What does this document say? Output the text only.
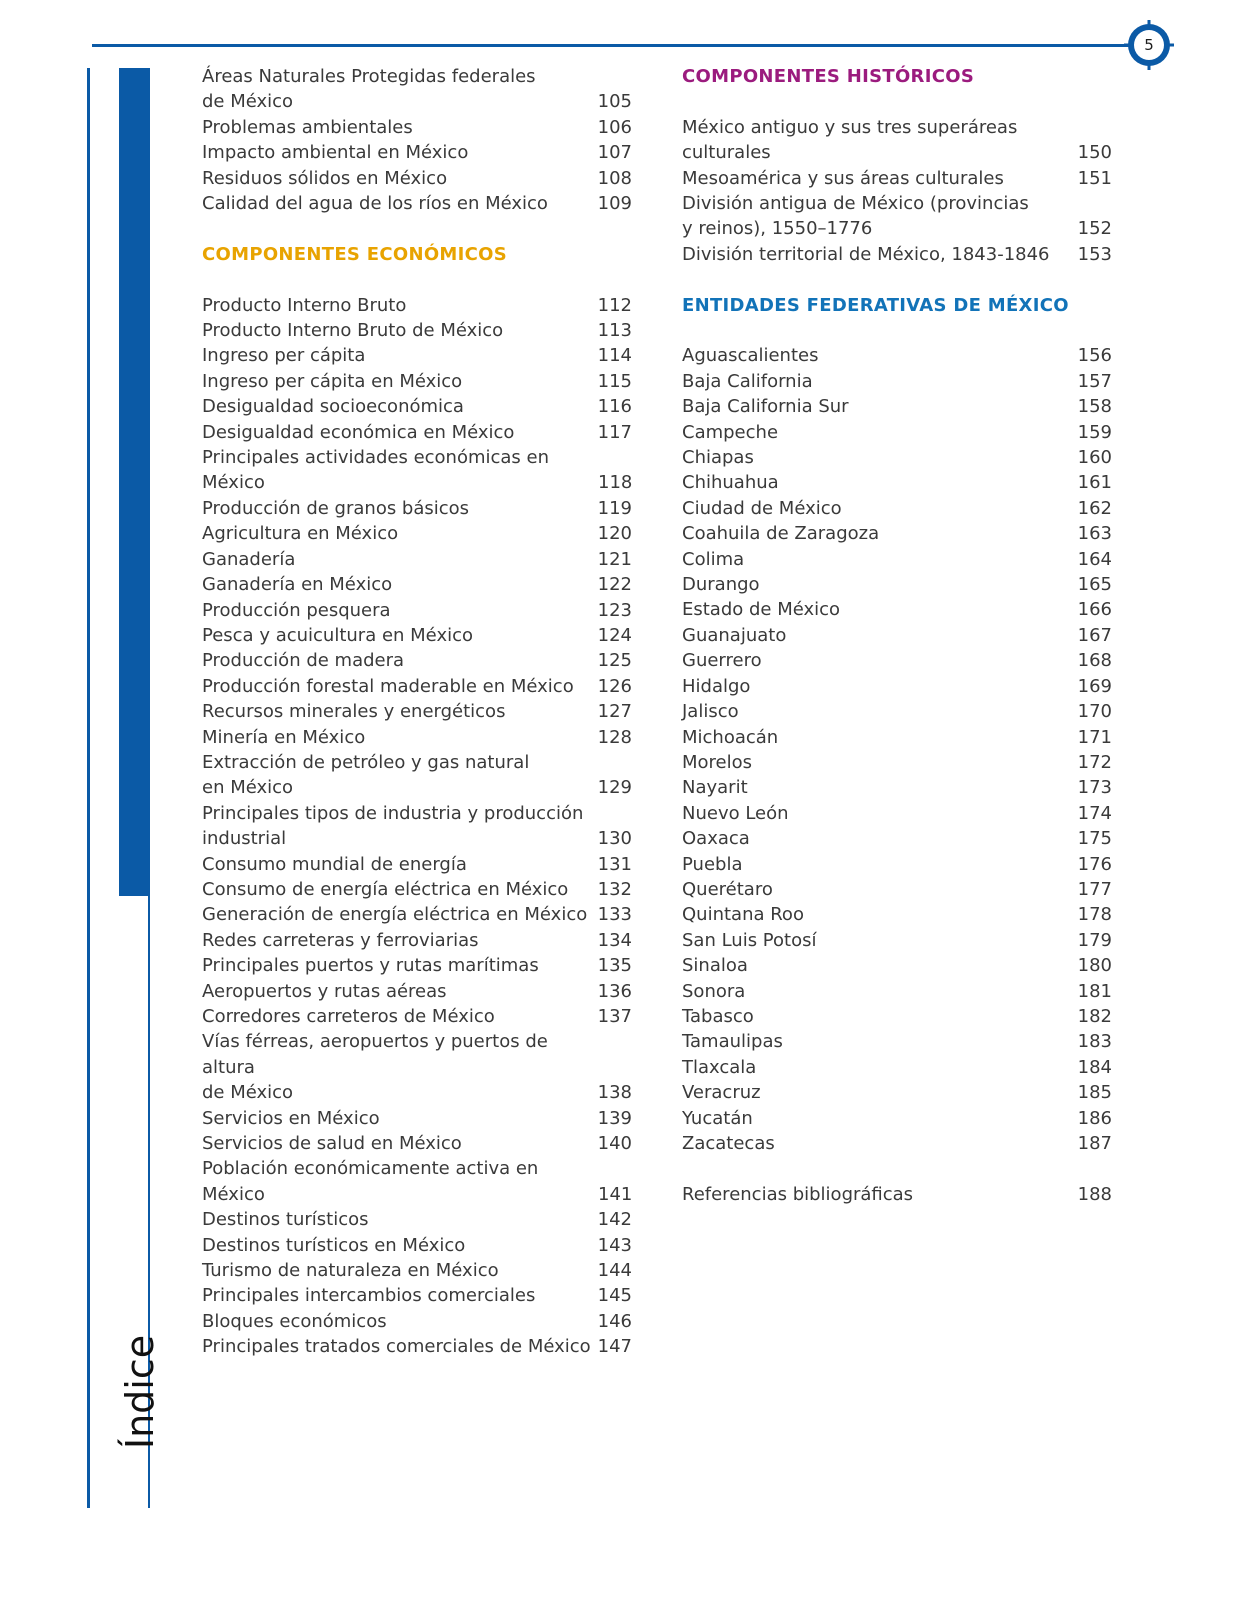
5
Índice
Áreas Naturales Protegidas federales
de México	105
Problemas ambientales	106
Impacto ambiental en México	107
Residuos sólidos en México	108
Calidad del agua de los ríos en México	109
COMPONENTES ECONÓMICOS
Producto Interno Bruto	112
Producto Interno Bruto de México	113
Ingreso per cápita	114
Ingreso per cápita en México	115
Desigualdad socioeconómica	116
Desigualdad económica en México	117
Principales actividades económicas en México	118
Producción de granos básicos	119
Agricultura en México	120
Ganadería	121
Ganadería en México	122
Producción pesquera	123
Pesca y acuicultura en México	124
Producción de madera	125
Producción forestal maderable en México 126
Recursos minerales y energéticos	127
Minería en México	128
Extracción de petróleo y gas natural
en México	129
Principales tipos de industria y producción
industrial	130
Consumo mundial de energía	131
Consumo de energía eléctrica en México 132
Generación de energía eléctrica en México 133
Redes carreteras y ferroviarias	134
Principales puertos y rutas marítimas	135
Aeropuertos y rutas aéreas	136
Corredores carreteros de México	137
Vías férreas, aeropuertos y puertos de altura
de México	138
Servicios en México	139
Servicios de salud en México	140
Población económicamente activa en México	141
Destinos turísticos	142
Destinos turísticos en México	143
Turismo de naturaleza en México	144
Principales intercambios comerciales	145
Bloques económicos	146
Principales tratados comerciales de México 147
COMPONENTES HISTÓRICOS
México antiguo y sus tres superáreas
culturales	150
Mesoamérica y sus áreas culturales	151
División antigua de México (provincias
y reinos), 1550–1776	152
División territorial de México, 1843-1846 153
ENTIDADES FEDERATIVAS DE MÉXICO
Aguascalientes	156
Baja California	157
Baja California Sur	158
Campeche	159
Chiapas	160
Chihuahua	161
Ciudad de México	162
Coahuila de Zaragoza	163
Colima	164
Durango	165
Estado de México	166
Guanajuato	167
Guerrero	168
Hidalgo	169
Jalisco	170
Michoacán	171
Morelos	172
Nayarit	173
Nuevo León	174
Oaxaca	175
Puebla	176
Querétaro	177
Quintana Roo	178
San Luis Potosí	179
Sinaloa	180
Sonora	181
Tabasco	182
Tamaulipas	183
Tlaxcala	184
Veracruz	185
Yucatán	186
Zacatecas	187
Referencias bibliográficas	188
